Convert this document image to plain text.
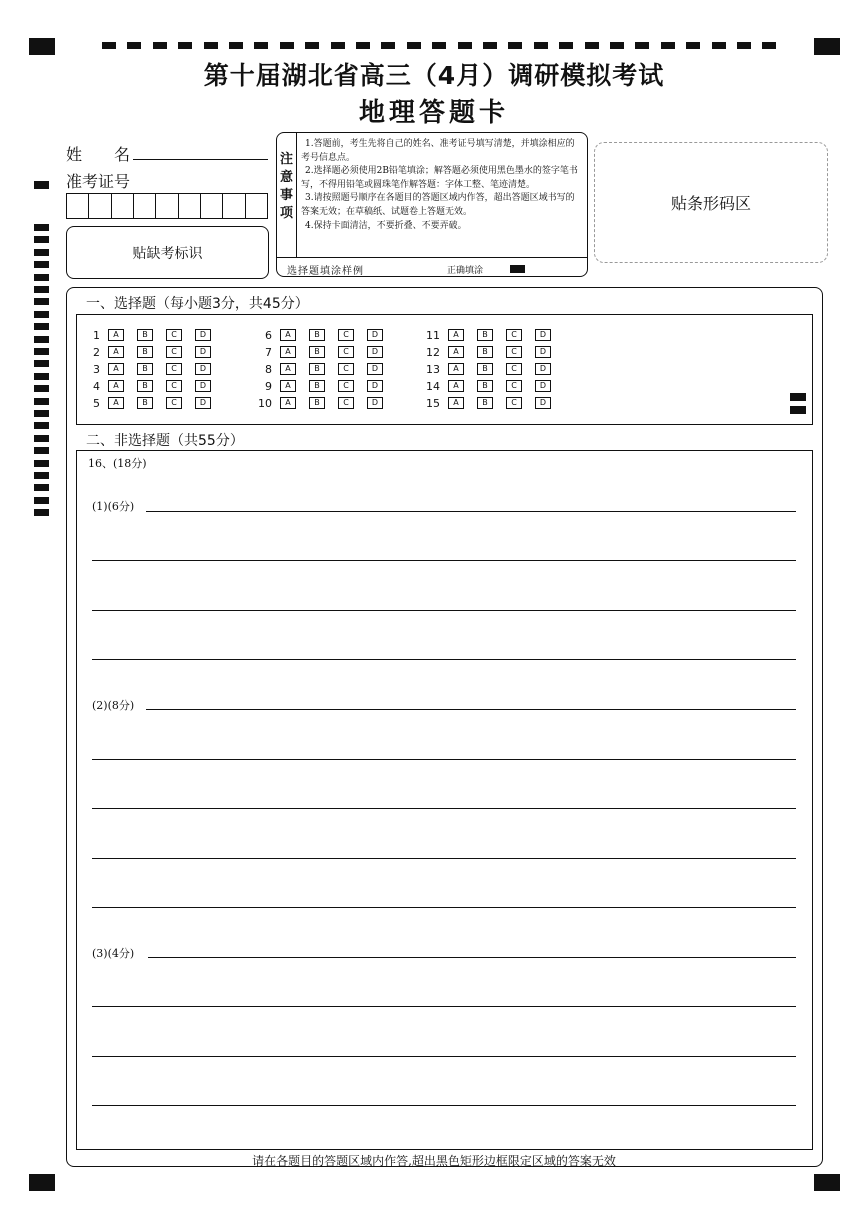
第十届湖北省高三（4月）调研模拟考试
地理答题卡
姓　　名
准考证号
贴缺考标识
注
意
事
项

1.答题前，考生先将自己的姓名、准考证号填写清楚，并填涂相应的考号信息点。

2.选择题必须使用2B铅笔填涂；解答题必须使用黑色墨水的签字笔书写，不得用铅笔或圆珠笔作解答题：字体工整、笔迹清楚。

3.请按照题号顺序在各题目的答题区域内作答，超出答题区域书写的答案无效；在草稿纸、试题卷上答题无效。

4.保持卡面清洁，不要折叠、不要弄破。

选择题填涂样例	正确填涂
贴条形码区
一、选择题（每小题3分，共45分）
1	A	B	C	D
2	A	B	C	D
3	A	B	C	D
4	A	B	C	D
5	A	B	C	D
6	A	B	C	D
7	A	B	C	D
8	A	B	C	D
9	A	B	C	D
10	A	B	C	D
11	A	B	C	D
12	A	B	C	D
13	A	B	C	D
14	A	B	C	D
15	A	B	C	D
二、非选择题（共55分）
16、(18分)
(1)(6分)
(2)(8分)
(3)(4分)
请在各题目的答题区域内作答,超出黑色矩形边框限定区域的答案无效
